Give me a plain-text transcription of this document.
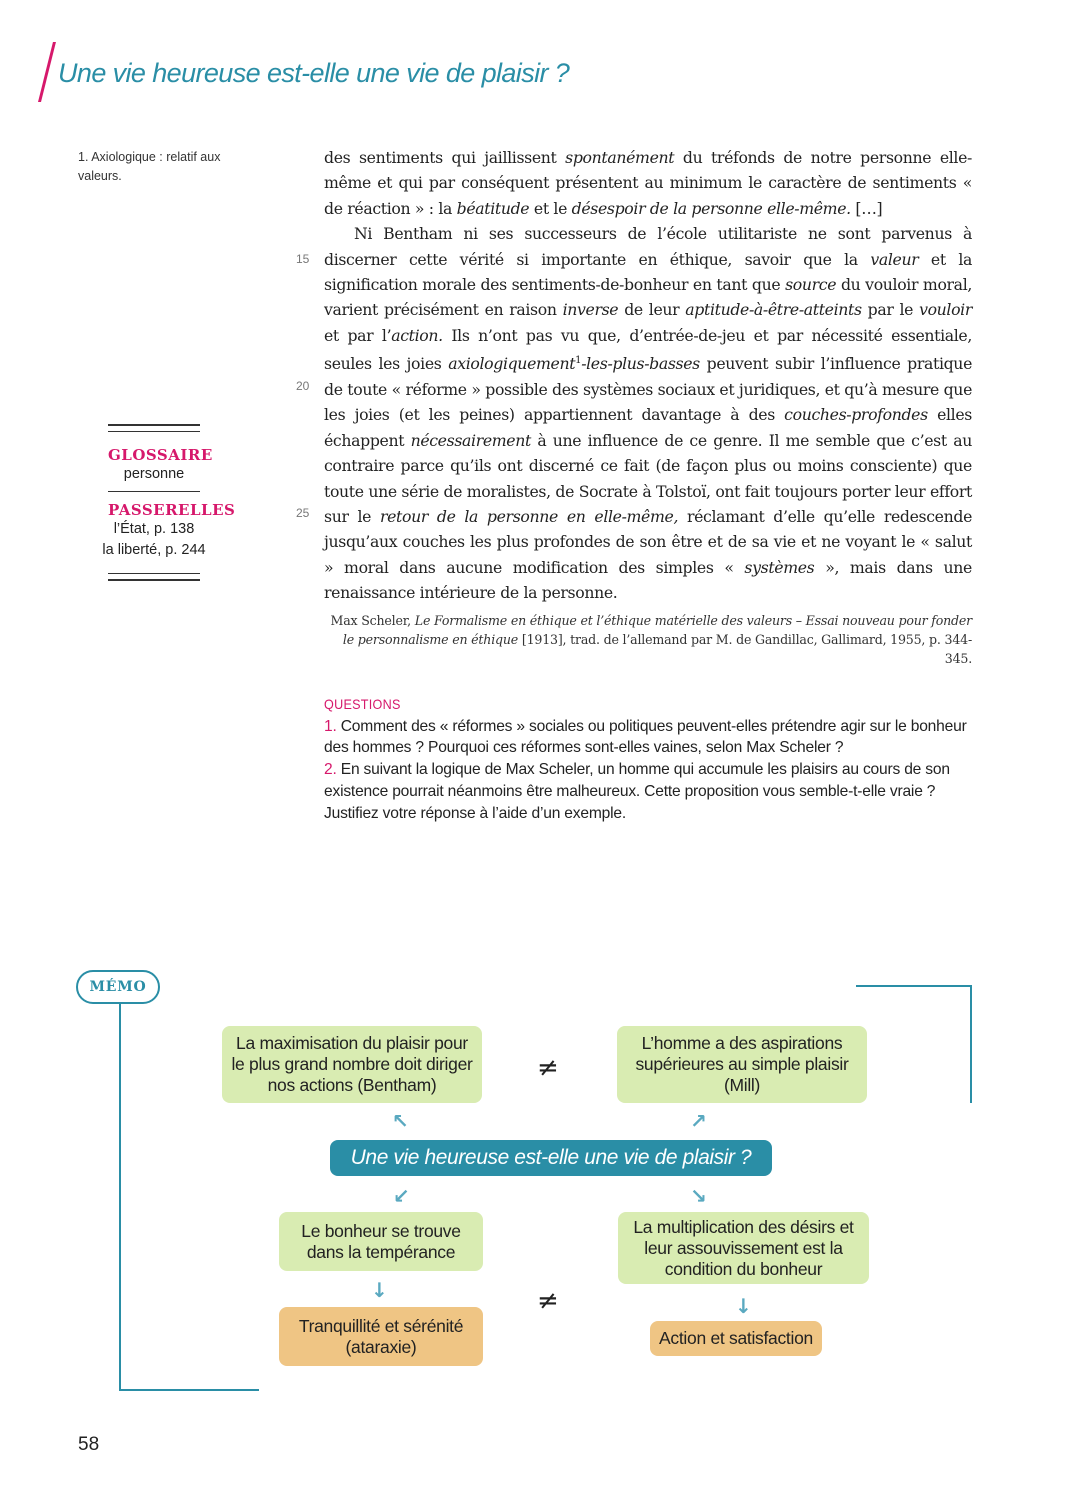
Une vie heureuse est-elle une vie de plaisir ?
1. Axiologique : relatif aux valeurs.
GLOSSAIRE
personne
PASSERELLES
l’État, p. 138
la liberté, p. 244
15
20
25

des sentiments qui jaillissent spontanément du tréfonds de notre personne elle-même et qui par conséquent présentent au minimum le caractère de sentiments « de réaction » : la béatitude et le désespoir de la personne elle-même. […]

Ni Bentham ni ses successeurs de l’école utilitariste ne sont parvenus à discerner cette vérité si importante en éthique, savoir que la valeur et la signification morale des sentiments-de-bonheur en tant que source du vouloir moral, varient précisément en raison inverse de leur aptitude-à-être-atteints par le vouloir et par l’action. Ils n’ont pas vu que, d’entrée-de-jeu et par nécessité essentiale, seules les joies axiologiquement$^1$-les-plus-basses peuvent subir l’influence pratique de toute « réforme » possible des systèmes sociaux et juridiques, et qu’à mesure que les joies (et les peines) appartiennent davantage à des couches-profondes elles échappent nécessairement à une influence de ce genre. Il me semble que c’est au contraire parce qu’ils ont discerné ce fait (de façon plus ou moins consciente) que toute une série de moralistes, de Socrate à Tolstoï, ont fait toujours porter leur effort sur le retour de la personne en elle-même, réclamant d’elle qu’elle redescende jusqu’aux couches les plus profondes de son être et de sa vie et ne voyant le « salut » moral dans aucune modification des simples « systèmes », mais dans une renaissance intérieure de la personne.

Max Scheler, Le Formalisme en éthique et l’éthique matérielle des valeurs – Essai nouveau pour fonder le personnalisme en éthique [1913], trad. de l’allemand par M. de Gandillac, Gallimard, 1955, p. 344-345.
QUESTIONS
1. Comment des « réformes » sociales ou politiques peuvent-elles prétendre agir sur le bonheur des hommes ? Pourquoi ces réformes sont-elles vaines, selon Max Scheler ?
2. En suivant la logique de Max Scheler, un homme qui accumule les plaisirs au cours de son existence pourrait néanmoins être malheureux. Cette proposition vous semble-t-elle vraie ? Justifiez votre réponse à l’aide d’un exemple.
MÉMO
La maximisation du plaisir pour le plus grand nombre doit diriger nos actions (Bentham)
L’homme a des aspirations supérieures au simple plaisir (Mill)
≠
↖	↗
Une vie heureuse est-elle une vie de plaisir ?
↙	↘
Le bonheur se trouve dans la tempérance
La multiplication des désirs et leur assouvissement est la condition du bonheur
↓
↓
≠
Tranquillité et sérénité (ataraxie)	Action et satisfaction
58
